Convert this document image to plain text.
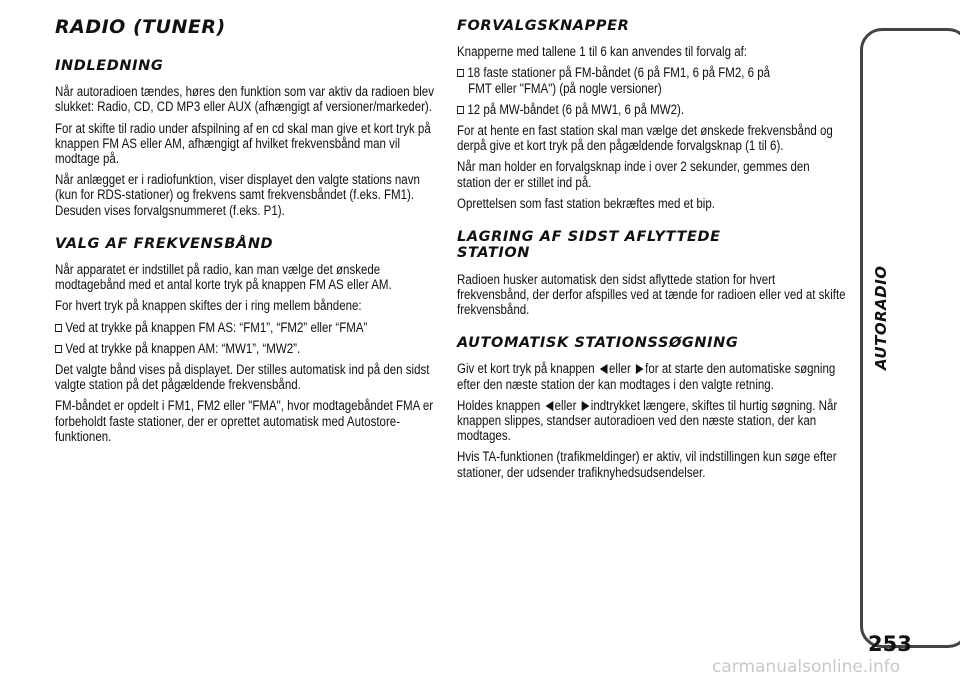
RADIO (TUNER)
INDLEDNING
Når autoradioen tændes, høres den funktion som var aktiv da radioen blev slukket: Radio, CD, CD MP3 eller AUX (afhængigt af versioner/markeder).
For at skifte til radio under afspilning af en cd skal man give et kort tryk på knappen FM AS eller AM, afhængigt af hvilket frekvensbånd man vil modtage på.
Når anlægget er i radiofunktion, viser displayet den valgte stations navn (kun for RDS-stationer) og frekvens samt frekvensbåndet (f.eks. FM1). Desuden vises forvalgsnummeret (f.eks. P1).
VALG AF FREKVENSBÅND
Når apparatet er indstillet på radio, kan man vælge det ønskede modtagebånd med et antal korte tryk på knappen FM AS eller AM.
For hvert tryk på knappen skiftes der i ring mellem båndene:
Ved at trykke på knappen FM AS: “FM1”, “FM2” eller “FMA”
Ved at trykke på knappen AM: “MW1”, “MW2”.
Det valgte bånd vises på displayet. Der stilles automatisk ind på den sidst valgte station på det pågældende frekvensbånd.
FM-båndet er opdelt i FM1, FM2 eller "FMA", hvor modtagebåndet FMA er forbeholdt faste stationer, der er oprettet automatisk med Autostore-funktionen.
FORVALGSKNAPPER
Knapperne med tallene 1 til 6 kan anvendes til forvalg af:
18 faste stationer på FM-båndet (6 på FM1, 6 på FM2, 6 på
FMT eller "FMA") (på nogle versioner)
12 på MW-båndet (6 på MW1, 6 på MW2).
For at hente en fast station skal man vælge det ønskede frekvensbånd og derpå give et kort tryk på den pågældende forvalgsknap (1 til 6).
Når man holder en forvalgsknap inde i over 2 sekunder, gemmes den station der er stillet ind på.
Oprettelsen som fast station bekræftes med et bip.
LAGRING AF SIDST AFLYTTEDE
STATION
Radioen husker automatisk den sidst aflyttede station for hvert frekvensbånd, der derfor afspilles ved at tænde for radioen eller ved at skifte frekvensbånd.
AUTOMATISK STATIONSSØGNING
Giv et kort tryk på knappen eller for at starte den automatiske søgning efter den næste station der kan modtages i den valgte retning.
Holdes knappen eller indtrykket længere, skiftes til hurtig søgning. Når knappen slippes, standser autoradioen ved den næste station, der kan modtages.
Hvis TA-funktionen (trafikmeldinger) er aktiv, vil indstillingen kun søge efter stationer, der udsender trafiknyhedsudsendelser.
253
carmanualsonline.info
